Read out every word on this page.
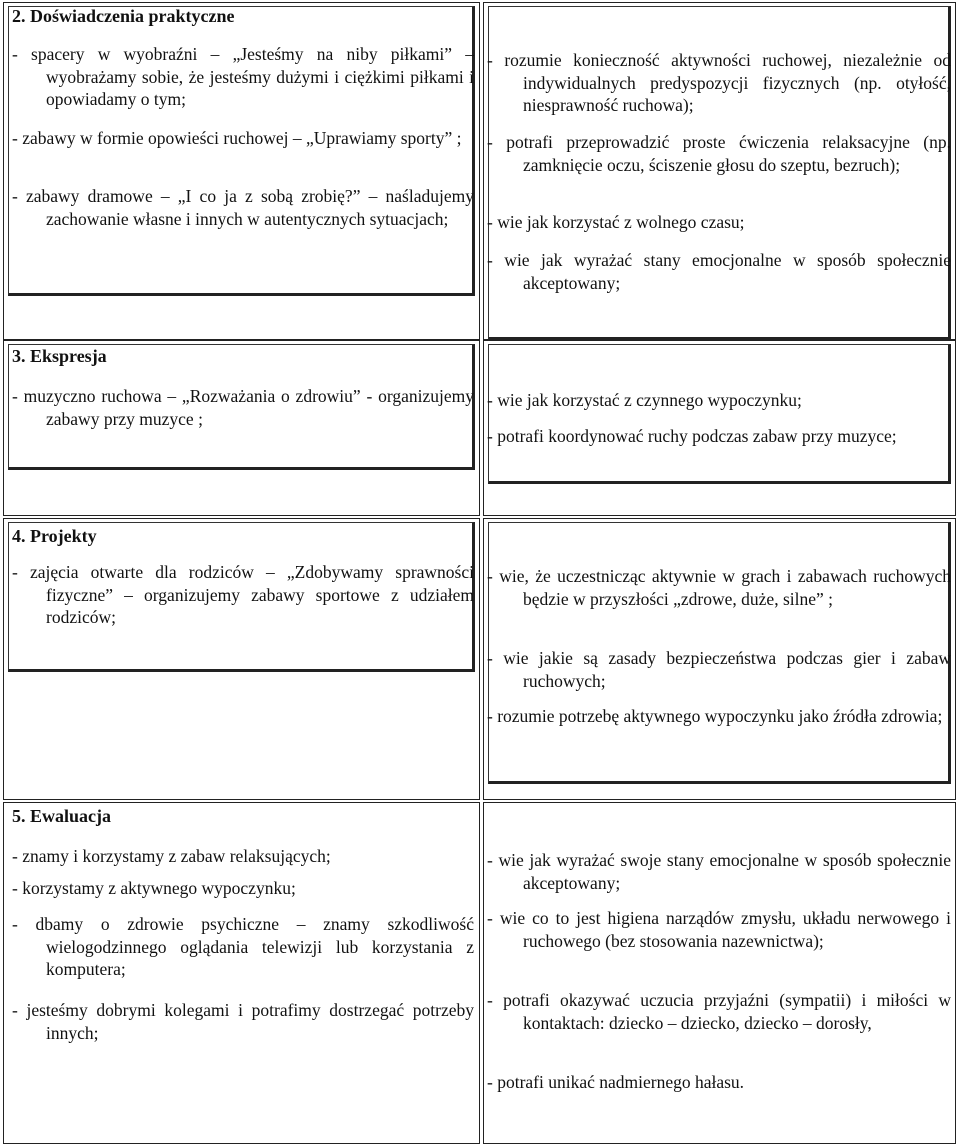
2. Doświadczenia praktyczne
- spacery w wyobraźni – „Jesteśmy na niby piłkami” – wyobrażamy sobie, że jesteśmy dużymi i ciężkimi piłkami i opowiadamy o tym;
- zabawy w formie opowieści ruchowej – „Uprawiamy sporty” ;
- zabawy dramowe – „I co ja z sobą zrobię?” – naśladujemy zachowanie własne i innych w autentycznych sytuacjach;
- rozumie konieczność aktywności ruchowej, niezależnie od indywidualnych predyspozycji fizycznych (np. otyłość, niesprawność ruchowa);
- potrafi przeprowadzić proste ćwiczenia relaksacyjne (np. zamknięcie oczu, ściszenie głosu do szeptu, bezruch);
- wie jak korzystać z wolnego czasu;
- wie jak wyrażać stany emocjonalne w sposób społecznie akceptowany;
3. Ekspresja
- muzyczno ruchowa – „Rozważania o zdrowiu” - organizujemy zabawy przy muzyce ;
- wie jak korzystać z czynnego wypoczynku;
- potrafi koordynować ruchy podczas zabaw przy muzyce;
4. Projekty
- zajęcia otwarte dla rodziców – „Zdobywamy sprawności fizyczne” – organizujemy zabawy sportowe z udziałem rodziców;
- wie, że uczestnicząc aktywnie w grach i zabawach ruchowych będzie w przyszłości „zdrowe, duże, silne” ;
- wie jakie są zasady bezpieczeństwa podczas gier i zabaw ruchowych;
- rozumie potrzebę aktywnego wypoczynku jako źródła zdrowia;
5. Ewaluacja
- znamy i korzystamy z zabaw relaksujących;
- korzystamy z aktywnego wypoczynku;
- dbamy o zdrowie psychiczne – znamy szkodliwość wielogodzinnego oglądania telewizji lub korzystania z komputera;
- jesteśmy dobrymi kolegami i potrafimy dostrzegać potrzeby innych;
- wie jak wyrażać swoje stany emocjonalne w sposób społecznie akceptowany;
- wie co to jest higiena narządów zmysłu, układu nerwowego i ruchowego (bez stosowania nazewnictwa);
- potrafi okazywać uczucia przyjaźni (sympatii) i miłości w kontaktach: dziecko – dziecko, dziecko – dorosły,
- potrafi unikać nadmiernego hałasu.
